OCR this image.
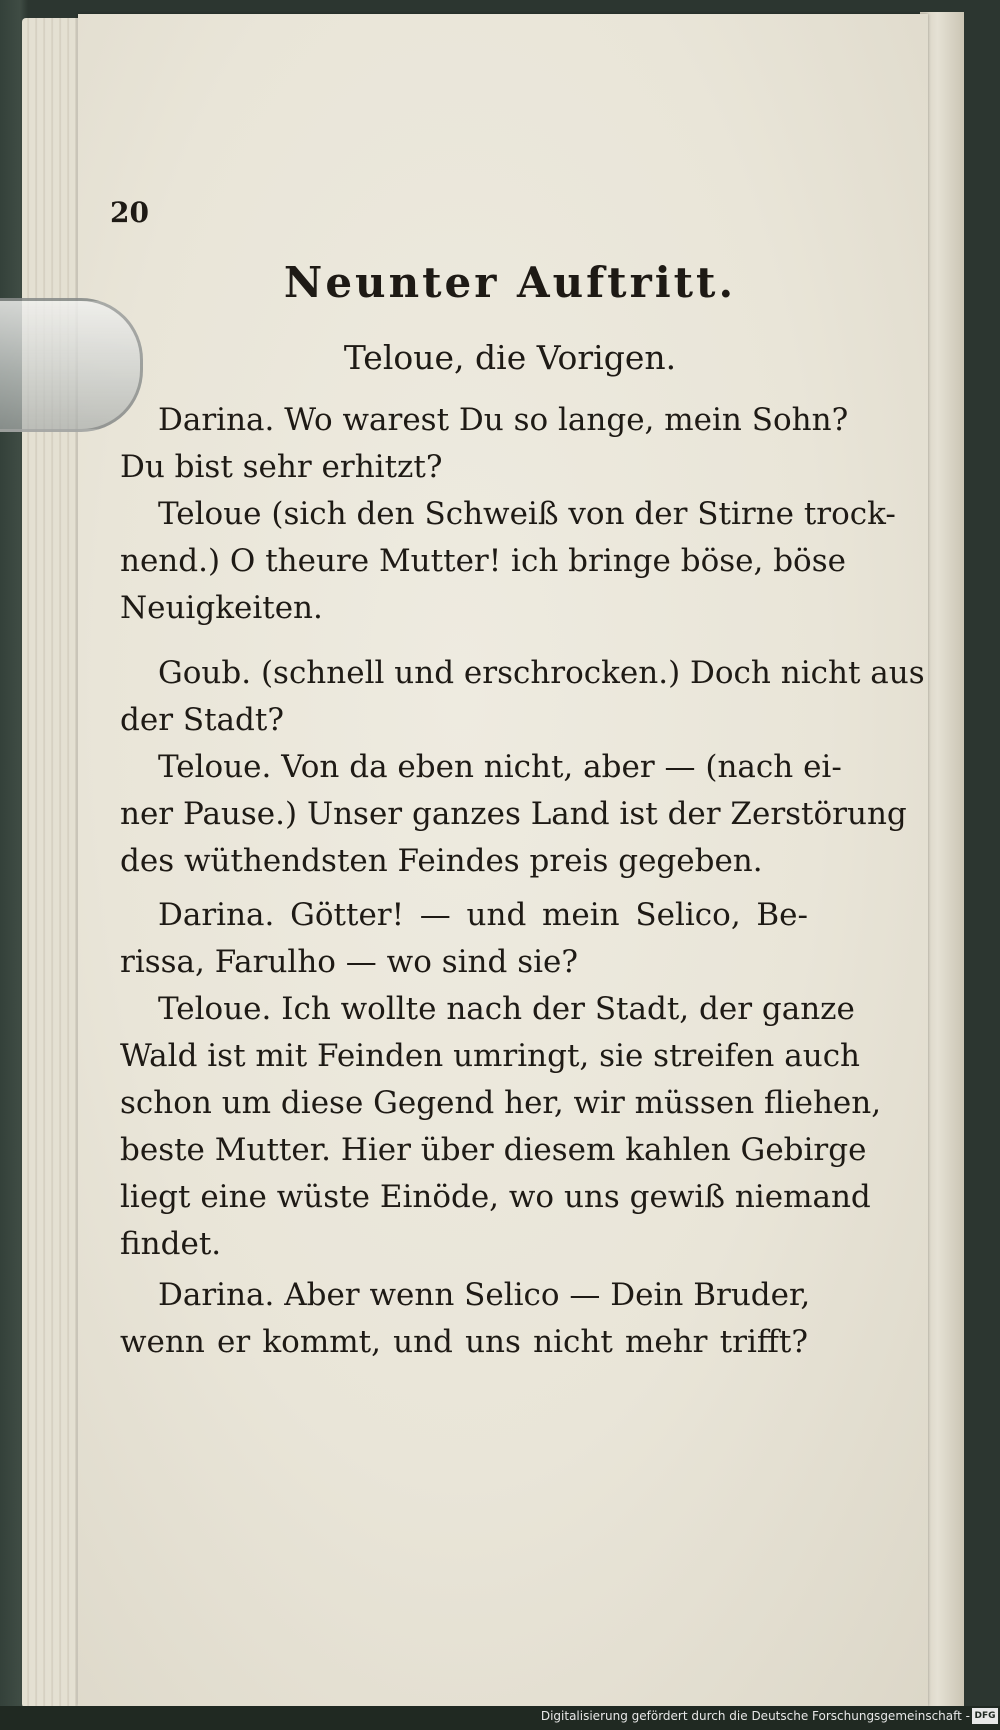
20
Neunter Auftritt.
Teloue, die Vorigen.
Darina. Wo warest Du so lange, mein Sohn?
Du bist sehr erhitzt?
Teloue (sich den Schweiß von der Stirne trock-
nend.) O theure Mutter! ich bringe böse, böse
Neuigkeiten.
Goub. (schnell und erschrocken.) Doch nicht aus
der Stadt?
Teloue. Von da eben nicht, aber — (nach ei-
ner Pause.) Unser ganzes Land ist der Zerstörung
des wüthendsten Feindes preis gegeben.
Darina. Götter! — und mein Selico, Be-
rissa, Farulho — wo sind sie?
Teloue. Ich wollte nach der Stadt, der ganze
Wald ist mit Feinden umringt, sie streifen auch
schon um diese Gegend her, wir müssen fliehen,
beste Mutter. Hier über diesem kahlen Gebirge
liegt eine wüste Einöde, wo uns gewiß niemand
findet.
Darina. Aber wenn Selico — Dein Bruder,
wenn er kommt, und uns nicht mehr trifft?
Digitalisierung gefördert durch die Deutsche Forschungsgemeinschaft - DFG
